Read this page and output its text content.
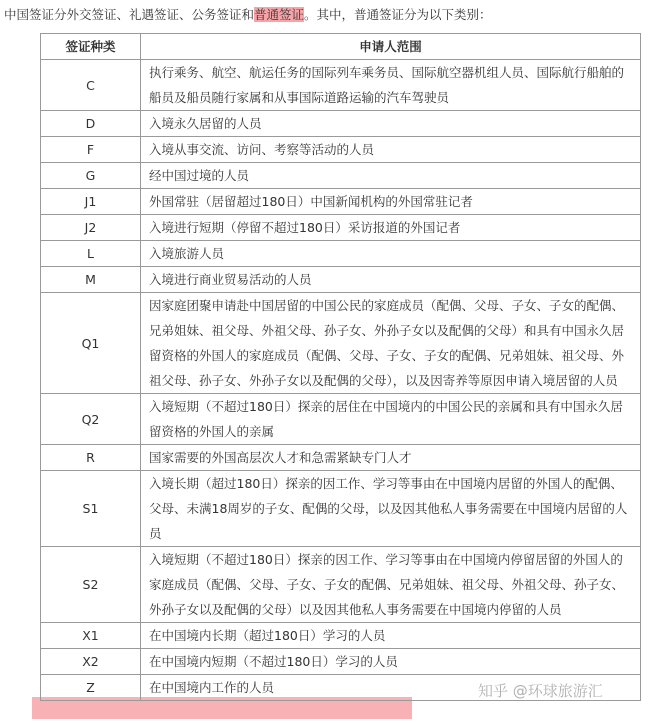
中国签证分外交签证、礼遇签证、公务签证和普通签证。其中，普通签证分为以下类别：
签证种类	申请人范围
C	执行乘务、航空、航运任务的国际列车乘务员、国际航空器机组人员、国际航行船舶的船员及船员随行家属和从事国际道路运输的汽车驾驶员
D	入境永久居留的人员
F	入境从事交流、访问、考察等活动的人员
G	经中国过境的人员
J1	外国常驻（居留超过180日）中国新闻机构的外国常驻记者
J2	入境进行短期（停留不超过180日）采访报道的外国记者
L	入境旅游人员
M	入境进行商业贸易活动的人员
Q1	因家庭团聚申请赴中国居留的中国公民的家庭成员（配偶、父母、子女、子女的配偶、兄弟姐妹、祖父母、外祖父母、孙子女、外孙子女以及配偶的父母）和具有中国永久居留资格的外国人的家庭成员（配偶、父母、子女、子女的配偶、兄弟姐妹、祖父母、外祖父母、孙子女、外孙子女以及配偶的父母），以及因寄养等原因申请入境居留的人员
Q2	入境短期（不超过180日）探亲的居住在中国境内的中国公民的亲属和具有中国永久居留资格的外国人的亲属
R	国家需要的外国高层次人才和急需紧缺专门人才
S1	入境长期（超过180日）探亲的因工作、学习等事由在中国境内居留的外国人的配偶、父母、未满18周岁的子女、配偶的父母，以及因其他私人事务需要在中国境内居留的人员
S2	入境短期（不超过180日）探亲的因工作、学习等事由在中国境内停留居留的外国人的家庭成员（配偶、父母、子女、子女的配偶、兄弟姐妹、祖父母、外祖父母、孙子女、外孙子女以及配偶的父母）以及因其他私人事务需要在中国境内停留的人员
X1	在中国境内长期（超过180日）学习的人员
X2	在中国境内短期（不超过180日）学习的人员
Z	在中国境内工作的人员	知乎 @环球旅游汇
